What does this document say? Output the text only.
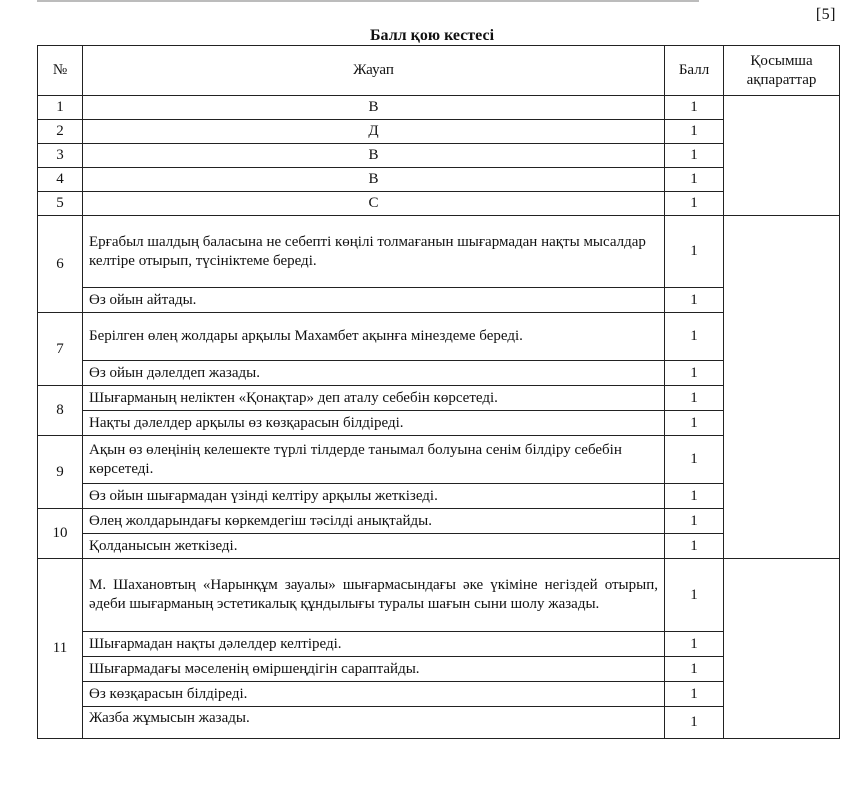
[5]
Балл қою кестесі
№	Жауап	Балл	Қосымша ақпараттар
1	В	1	
2	Д	1	
3	В	1	
4	В	1	
5	С	1	
6	Ерғабыл шалдың баласына не себепті көңілі толмағанын шығармадан нақты мысалдар келтіре отырып, түсініктеме береді.	1	
	Өз ойын айтады.	1	
7	Берілген өлең жолдары арқылы Махамбет ақынға мінездеме береді.	1	
	Өз ойын дәлелдеп жазады.	1	
8	Шығарманың неліктен «Қонақтар» деп аталу себебін көрсетеді.	1	
	Нақты дәлелдер арқылы өз көзқарасын білдіреді.	1	
9	Ақын өз өлеңінің келешекте түрлі тілдерде танымал болуына сенім білдіру себебін көрсетеді.	1	
	Өз ойын шығармадан үзінді келтіру арқылы жеткізеді.	1	
10	Өлең жолдарындағы көркемдегіш тәсілді анықтайды.	1	
	Қолданысын жеткізеді.	1	
11	М. Шахановтың «Нарынқұм зауалы» шығармасындағы әке үкіміне негіздей отырып, әдеби шығарманың эстетикалық құндылығы туралы шағын сыни шолу жазады.	1	
	Шығармадан нақты дәлелдер келтіреді.	1	
	Шығармадағы мәселенің өміршеңдігін сараптайды.	1	
	Өз көзқарасын білдіреді.	1	
	Жазба жұмысын жазады.	1	
